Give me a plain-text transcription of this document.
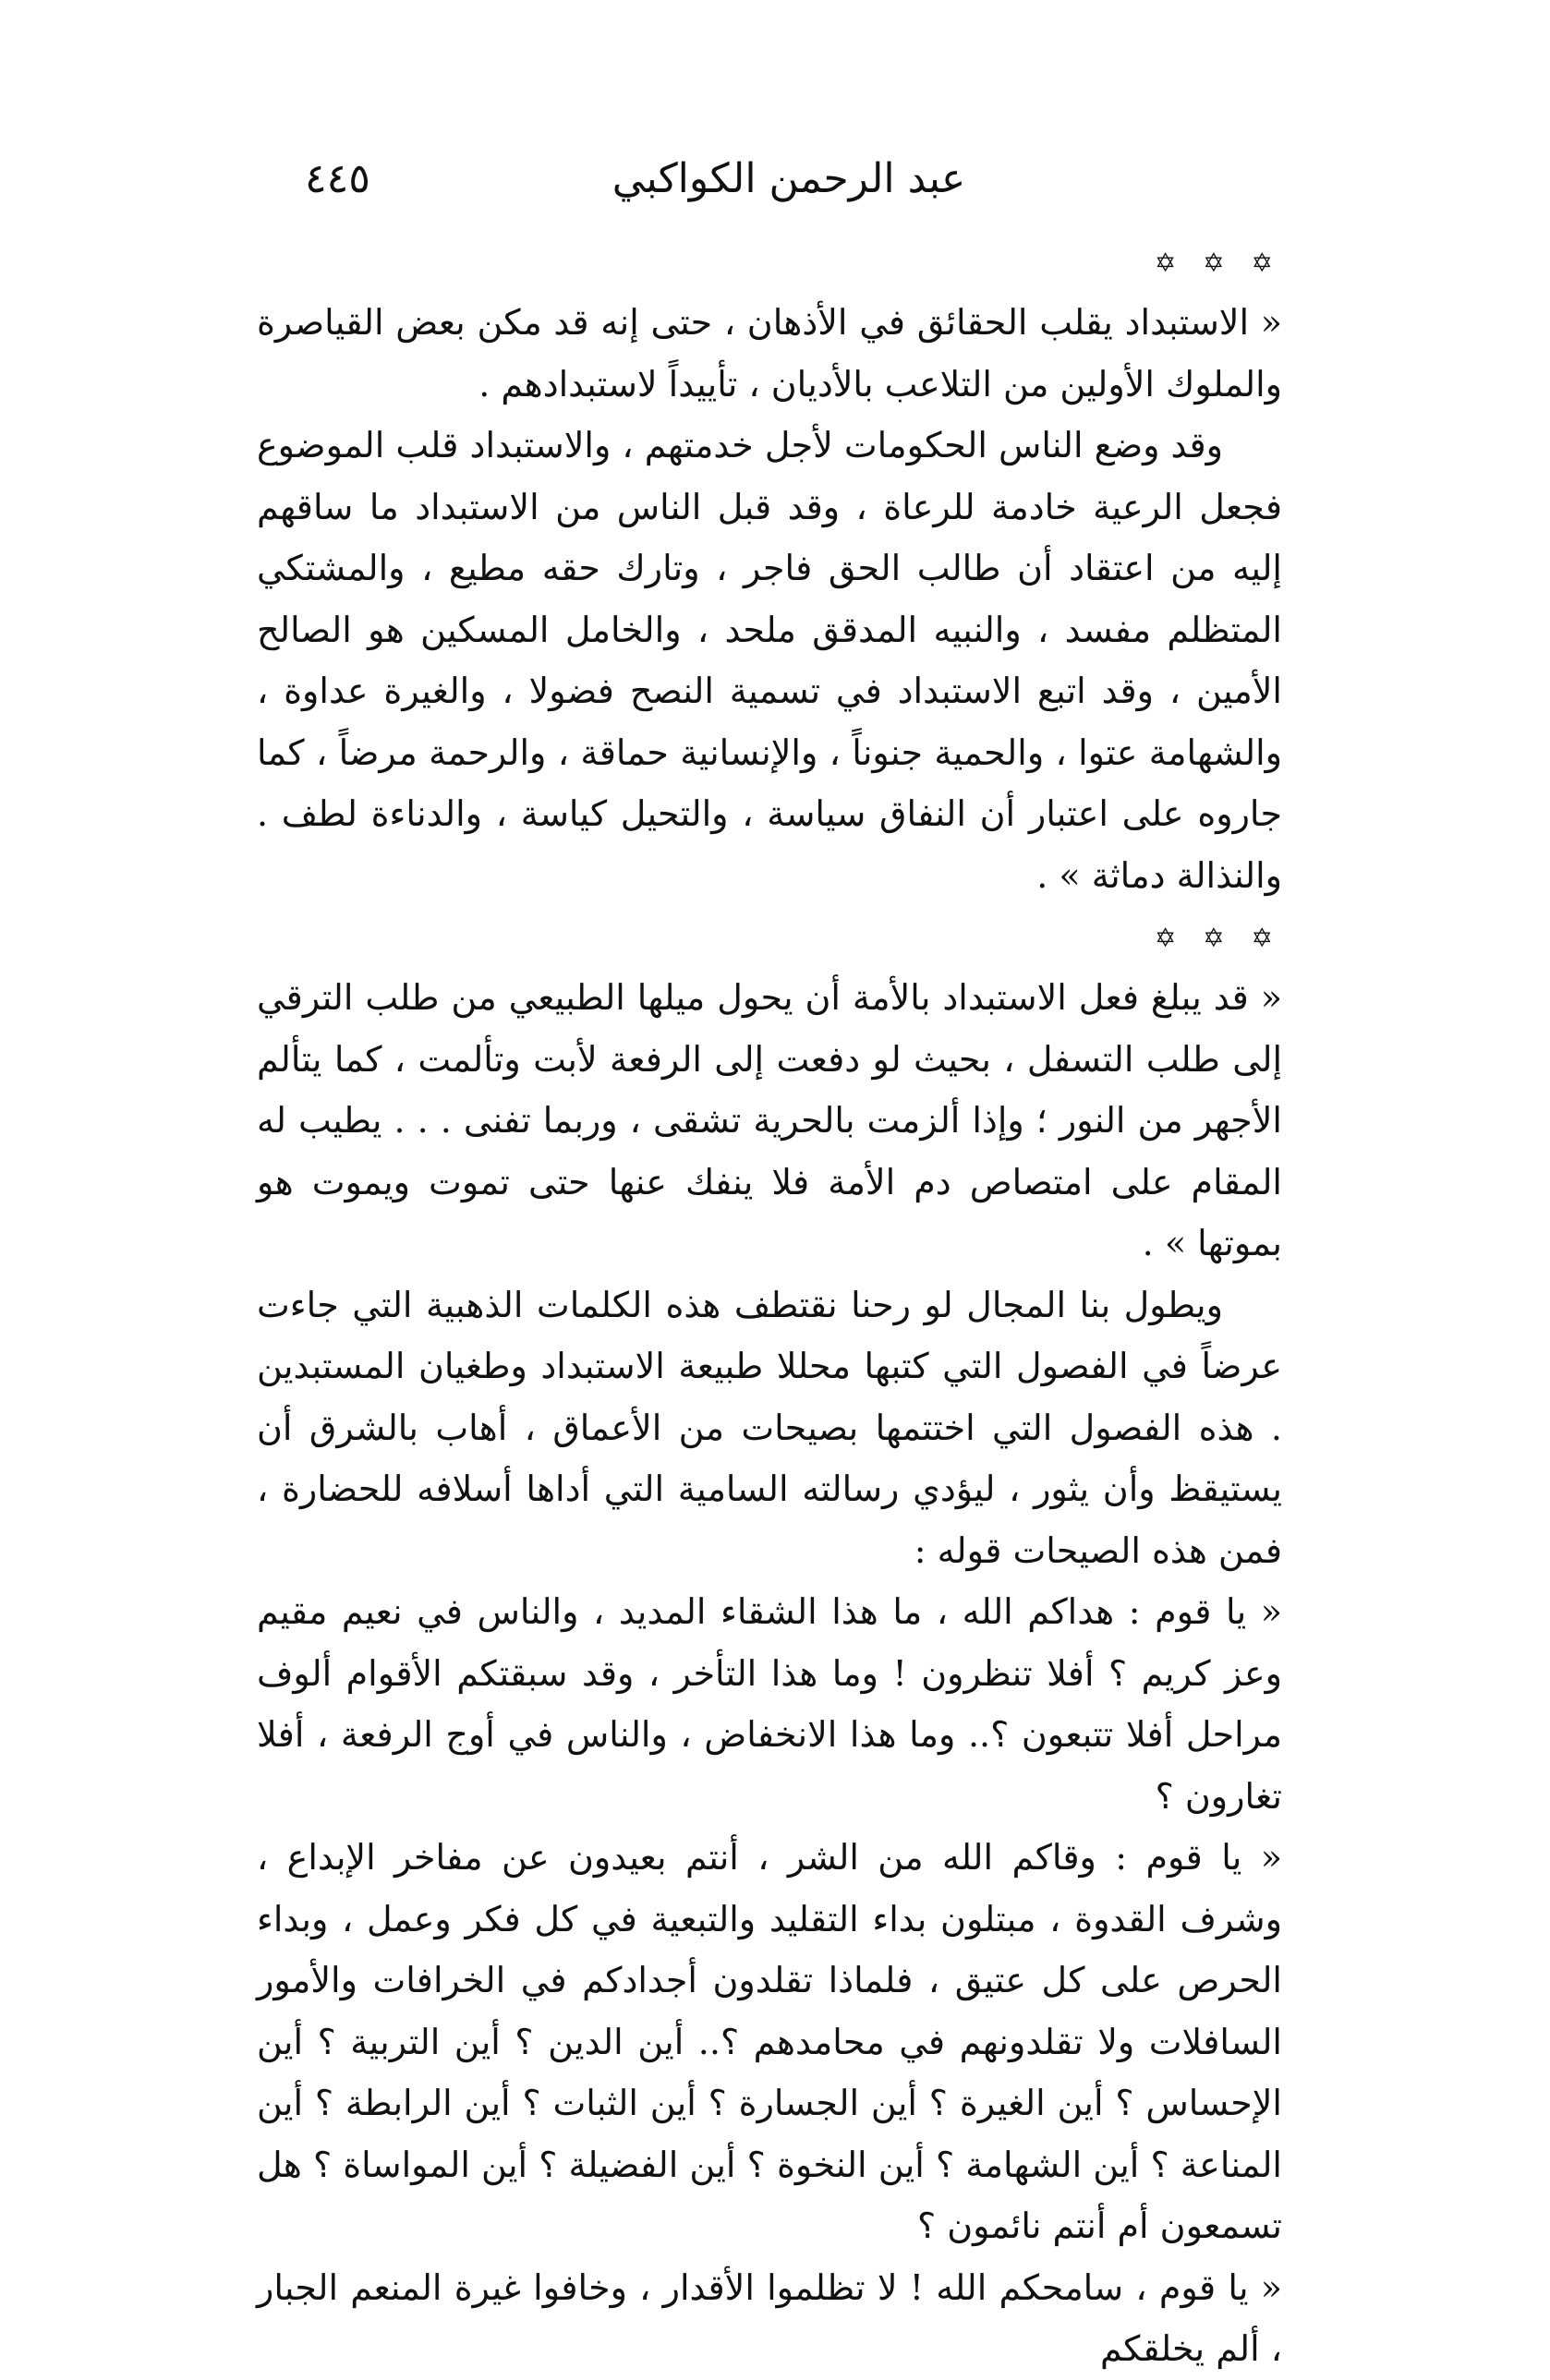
٤٤٥	عبد الرحمن الكواكبي
✡ ✡ ✡

« الاستبداد يقلب الحقائق في الأذهان ، حتى إنه قد مكن بعض القياصرة والملوك الأولين من التلاعب بالأديان ، تأييداً لاستبدادهم .

وقد وضع الناس الحكومات لأجل خدمتهم ، والاستبداد قلب الموضوع فجعل الرعية خادمة للرعاة ، وقد قبل الناس من الاستبداد ما ساقهم إليه من اعتقاد أن طالب الحق فاجر ، وتارك حقه مطيع ، والمشتكي المتظلم مفسد ، والنبيه المدقق ملحد ، والخامل المسكين هو الصالح الأمين ، وقد اتبع الاستبداد في تسمية النصح فضولا ، والغيرة عداوة ، والشهامة عتوا ، والحمية جنوناً ، والإنسانية حماقة ، والرحمة مرضاً ، كما جاروه على اعتبار أن النفاق سياسة ، والتحيل كياسة ، والدناءة لطف . والنذالة دماثة » .

✡ ✡ ✡

« قد يبلغ فعل الاستبداد بالأمة أن يحول ميلها الطبيعي من طلب الترقي إلى طلب التسفل ، بحيث لو دفعت إلى الرفعة لأبت وتألمت ، كما يتألم الأجهر من النور ؛ وإذا ألزمت بالحرية تشقى ، وربما تفنى . . . يطيب له المقام على امتصاص دم الأمة فلا ينفك عنها حتى تموت ويموت هو بموتها » .

ويطول بنا المجال لو رحنا نقتطف هذه الكلمات الذهبية التي جاءت عرضاً في الفصول التي كتبها محللا طبيعة الاستبداد وطغيان المستبدين . هذه الفصول التي اختتمها بصيحات من الأعماق ، أهاب بالشرق أن يستيقظ وأن يثور ، ليؤدي رسالته السامية التي أداها أسلافه للحضارة ، فمن هذه الصيحات قوله :

« يا قوم : هداكم الله ، ما هذا الشقاء المديد ، والناس في نعيم مقيم وعز كريم ؟ أفلا تنظرون ! وما هذا التأخر ، وقد سبقتكم الأقوام ألوف مراحل أفلا تتبعون ؟.. وما هذا الانخفاض ، والناس في أوج الرفعة ، أفلا تغارون ؟

« يا قوم : وقاكم الله من الشر ، أنتم بعيدون عن مفاخر الإبداع ، وشرف القدوة ، مبتلون بداء التقليد والتبعية في كل فكر وعمل ، وبداء الحرص على كل عتيق ، فلماذا تقلدون أجدادكم في الخرافات والأمور السافلات ولا تقلدونهم في محامدهم ؟.. أين الدين ؟ أين التربية ؟ أين الإحساس ؟ أين الغيرة ؟ أين الجسارة ؟ أين الثبات ؟ أين الرابطة ؟ أين المناعة ؟ أين الشهامة ؟ أين النخوة ؟ أين الفضيلة ؟ أين المواساة ؟ هل تسمعون أم أنتم نائمون ؟

« يا قوم ، سامحكم الله ! لا تظلموا الأقدار ، وخافوا غيرة المنعم الجبار ، ألم يخلقكم
